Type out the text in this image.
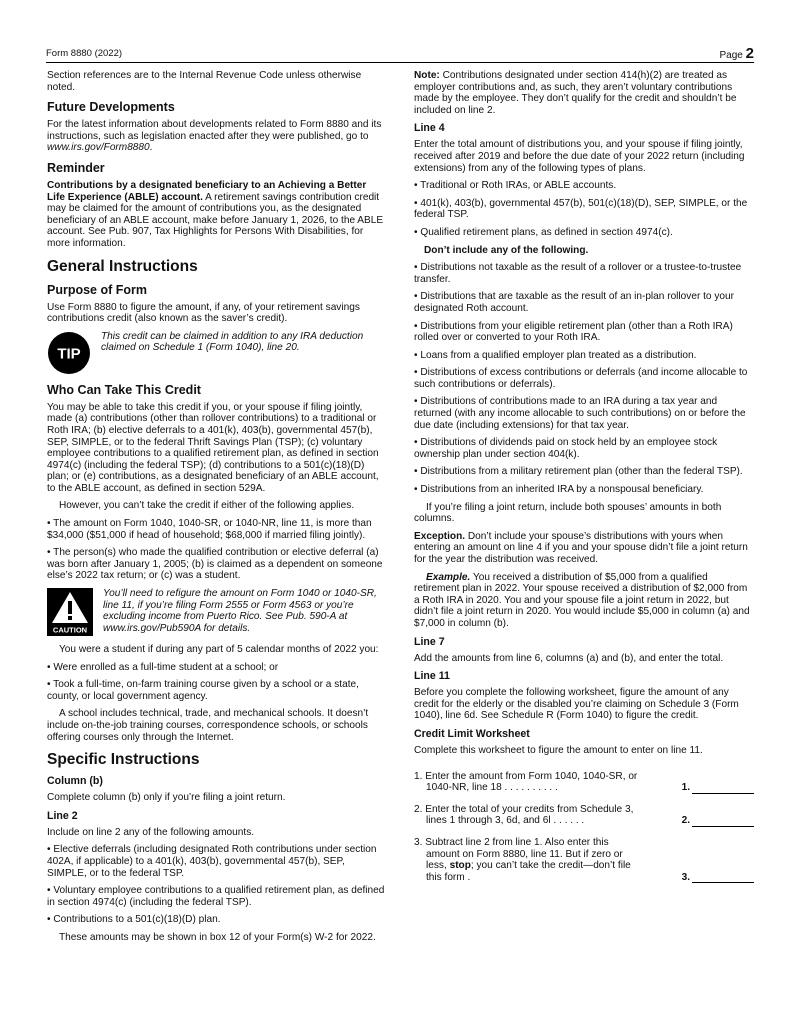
Form 8880 (2022)	Page 2

Section references are to the Internal Revenue Code unless otherwise noted.

Future Developments

For the latest information about developments related to Form 8880 and its instructions, such as legislation enacted after they were published, go to www.irs.gov/Form8880.

Reminder

Contributions by a designated beneficiary to an Achieving a Better Life Experience (ABLE) account. A retirement savings contribution credit may be claimed for the amount of contributions you, as the designated beneficiary of an ABLE account, make before January 1, 2026, to the ABLE account. See Pub. 907, Tax Highlights for Persons With Disabilities, for more information.

General Instructions
Purpose of Form

Use Form 8880 to figure the amount, if any, of your retirement savings contributions credit (also known as the saver’s credit).

TIP
This credit can be claimed in addition to any IRA deduction claimed on Schedule 1 (Form 1040), line 20.
Who Can Take This Credit

You may be able to take this credit if you, or your spouse if filing jointly, made (a) contributions (other than rollover contributions) to a traditional or Roth IRA; (b) elective deferrals to a 401(k), 403(b), governmental 457(b), SEP, SIMPLE, or to the federal Thrift Savings Plan (TSP); (c) voluntary employee contributions to a qualified retirement plan, as defined in section 4974(c) (including the federal TSP); (d) contributions to a 501(c)(18)(D) plan; or (e) contributions, as a designated beneficiary of an ABLE account, to the ABLE account, as defined in section 529A.

However, you can’t take the credit if either of the following applies.

• The amount on Form 1040, 1040-SR, or 1040-NR, line 11, is more than $34,000 ($51,000 if head of household; $68,000 if married filing jointly).

• The person(s) who made the qualified contribution or elective deferral (a) was born after January 1, 2005; (b) is claimed as a dependent on someone else’s 2022 tax return; or (c) was a student.

CAUTION
You’ll need to refigure the amount on Form 1040 or 1040-SR, line 11, if you’re filing Form 2555 or Form 4563 or you’re excluding income from Puerto Rico. See Pub. 590-A at www.irs.gov/Pub590A for details.

You were a student if during any part of 5 calendar months of 2022 you:

• Were enrolled as a full-time student at a school; or

• Took a full-time, on-farm training course given by a school or a state, county, or local government agency.

A school includes technical, trade, and mechanical schools. It doesn’t include on-the-job training courses, correspondence schools, or schools offering courses only through the Internet.

Specific Instructions
Column (b)

Complete column (b) only if you’re filing a joint return.

Line 2

Include on line 2 any of the following amounts.

• Elective deferrals (including designated Roth contributions under section 402A, if applicable) to a 401(k), 403(b), governmental 457(b), SEP, SIMPLE, or to the federal TSP.

• Voluntary employee contributions to a qualified retirement plan, as defined in section 4974(c) (including the federal TSP).

• Contributions to a 501(c)(18)(D) plan.

These amounts may be shown in box 12 of your Form(s) W-2 for 2022.

Note: Contributions designated under section 414(h)(2) are treated as employer contributions and, as such, they aren’t voluntary contributions made by the employee. They don’t qualify for the credit and shouldn’t be included on line 2.

Line 4

Enter the total amount of distributions you, and your spouse if filing jointly, received after 2019 and before the due date of your 2022 return (including extensions) from any of the following types of plans.

• Traditional or Roth IRAs, or ABLE accounts.

• 401(k), 403(b), governmental 457(b), 501(c)(18)(D), SEP, SIMPLE, or the federal TSP.

• Qualified retirement plans, as defined in section 4974(c).

Don’t include any of the following.

• Distributions not taxable as the result of a rollover or a trustee-to-trustee transfer.

• Distributions that are taxable as the result of an in-plan rollover to your designated Roth account.

• Distributions from your eligible retirement plan (other than a Roth IRA) rolled over or converted to your Roth IRA.

• Loans from a qualified employer plan treated as a distribution.

• Distributions of excess contributions or deferrals (and income allocable to such contributions or deferrals).

• Distributions of contributions made to an IRA during a tax year and returned (with any income allocable to such contributions) on or before the due date (including extensions) for that tax year.

• Distributions of dividends paid on stock held by an employee stock ownership plan under section 404(k).

• Distributions from a military retirement plan (other than the federal TSP).

• Distributions from an inherited IRA by a nonspousal beneficiary.

If you’re filing a joint return, include both spouses’ amounts in both columns.

Exception. Don’t include your spouse’s distributions with yours when entering an amount on line 4 if you and your spouse didn’t file a joint return for the year the distribution was received.

Example. You received a distribution of $5,000 from a qualified retirement plan in 2022. Your spouse received a distribution of $2,000 from a Roth IRA in 2020. You and your spouse file a joint return in 2022, but didn’t file a joint return in 2020. You would include $5,000 in column (a) and $7,000 in column (b).

Line 7

Add the amounts from line 6, columns (a) and (b), and enter the total.

Line 11

Before you complete the following worksheet, figure the amount of any credit for the elderly or the disabled you’re claiming on Schedule 3 (Form 1040), line 6d. See Schedule R (Form 1040) to figure the credit.

Credit Limit Worksheet

Complete this worksheet to figure the amount to enter on line 11.

1. Enter the amount from Form 1040, 1040-SR, or 1040-NR, line 18 . . . . . . . . . .	1.
2. Enter the total of your credits from Schedule 3, lines 1 through 3, 6d, and 6l . . . . . .	2.
3. Subtract line 2 from line 1. Also enter this amount on Form 8880, line 11. But if zero or less, stop; you can’t take the credit—don’t file this form .	3.
